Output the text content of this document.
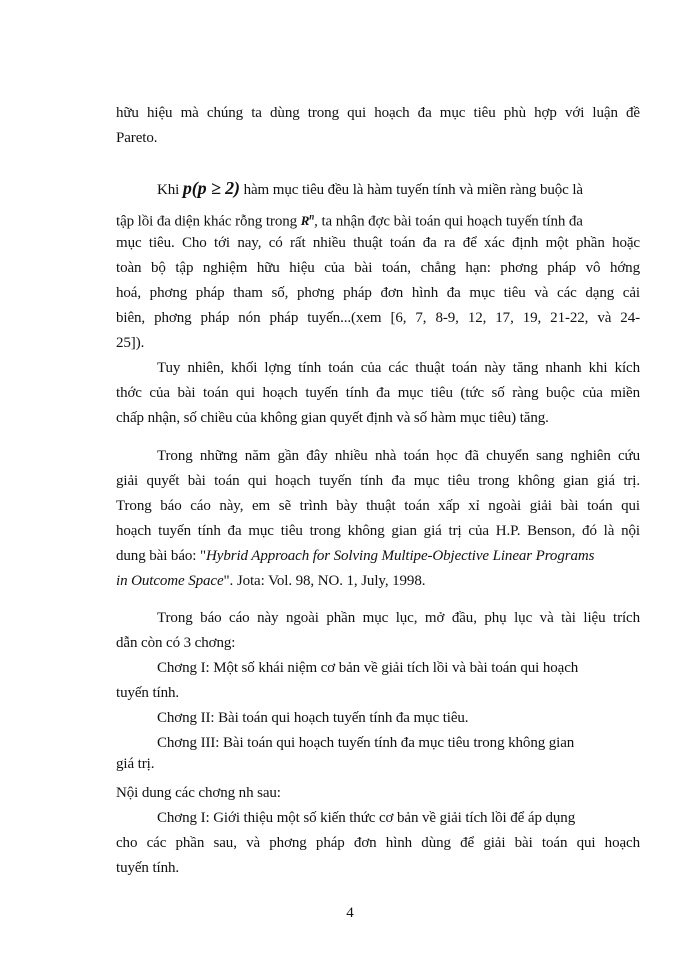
hữu hiệu mà chúng ta dùng trong qui hoạch đa mục tiêu phù hợp với luận đề
Pareto.
Khi p(p ≥ 2) hàm mục tiêu đều là hàm tuyến tính và miền ràng buộc là
tập lồi đa diện khác rỗng trong $R^n$, ta nhận đợc bài toán qui hoạch tuyến tính đa
mục tiêu. Cho tới nay, có rất nhiều thuật toán đa ra để xác định một phần hoặc
toàn bộ tập nghiệm hữu hiệu của bài toán, chẳng hạn: phơng pháp vô hớng
hoá, phơng pháp tham số, phơng pháp đơn hình đa mục tiêu và các dạng cải
biên, phơng pháp nón pháp tuyến...(xem [6, 7, 8-9, 12, 17, 19, 21-22, và 24-
25]).
Tuy nhiên, khối lợng tính toán của các thuật toán này tăng nhanh khi kích
thớc của bài toán qui hoạch tuyến tính đa mục tiêu (tức số ràng buộc của miền
chấp nhận, số chiều của không gian quyết định và số hàm mục tiêu) tăng.
Trong những năm gần đây nhiều nhà toán học đã chuyển sang nghiên cứu
giải quyết bài toán qui hoạch tuyến tính đa mục tiêu trong không gian giá trị.
Trong báo cáo này, em sẽ trình bày thuật toán xấp xỉ ngoài giải bài toán qui
hoạch tuyến tính đa mục tiêu trong không gian giá trị của H.P. Benson, đó là nội
dung bài báo: "Hybrid Approach for Solving Multipe-Objective Linear Programs
in Outcome Space". Jota: Vol. 98, NO. 1, July, 1998.
Trong báo cáo này ngoài phần mục lục, mở đầu, phụ lục và tài liệu trích
dẫn còn có 3 chơng:
Chơng I: Một số khái niệm cơ bản về giải tích lồi và bài toán qui hoạch
tuyến tính.
Chơng II: Bài toán qui hoạch tuyến tính đa mục tiêu.
Chơng III: Bài toán qui hoạch tuyến tính đa mục tiêu trong không gian
giá trị.
Nội dung các chơng nh sau:
Chơng I: Giới thiệu một số kiến thức cơ bản về giải tích lồi để áp dụng
cho các phần sau, và phơng pháp đơn hình dùng để giải bài toán qui hoạch
tuyến tính.
4
